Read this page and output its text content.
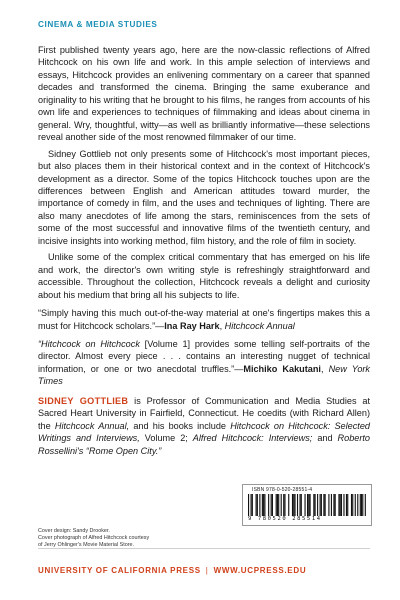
CINEMA & MEDIA STUDIES

First published twenty years ago, here are the now-classic reflections of Alfred Hitchcock on his own life and work. In this ample selection of interviews and essays, Hitchcock provides an enlivening commentary on a career that spanned decades and transformed the cinema. Bringing the same exuberance and originality to his writing that he brought to his films, he ranges from accounts of his own life and experiences to techniques of filmmaking and ideas about cinema in general. Wry, thoughtful, witty—as well as brilliantly informative—these selections reveal another side of the most renowned filmmaker of our time.

Sidney Gottlieb not only presents some of Hitchcock's most important pieces, but also places them in their historical context and in the context of Hitchcock's development as a director. Some of the topics Hitchcock touches upon are the differences between English and American attitudes toward murder, the importance of comedy in film, and the uses and techniques of lighting. There are also many anecdotes of life among the stars, reminiscences from the sets of some of the most successful and innovative films of the twentieth century, and incisive insights into working method, film history, and the role of film in society.

Unlike some of the complex critical commentary that has emerged on his life and work, the director's own writing style is refreshingly straightforward and accessible. Throughout the collection, Hitchcock reveals a delight and curiosity about his medium that bring all his subjects to life.

“Simply having this much out-of-the-way material at one's fingertips makes this a must for Hitchcock scholars.”—Ina Ray Hark, Hitchcock Annual

“Hitchcock on Hitchcock [Volume 1] provides some telling self-portraits of the director. Almost every piece . . . contains an interesting nugget of technical information, or one or two anecdotal truffles.”—Michiko Kakutani, New York Times

SIDNEY GOTTLIEB is Professor of Communication and Media Studies at Sacred Heart University in Fairfield, Connecticut. He coedits (with Richard Allen) the Hitchcock Annual, and his books include Hitchcock on Hitchcock: Selected Writings and Interviews, Volume 2; Alfred Hitchcock: Interviews; and Roberto Rossellini's “Rome Open City.”

Cover design: Sandy Drooker.
Cover photograph of Alfred Hitchcock courtesy
of Jerry Ohlinger's Movie Material Store.
ISBN 978-0-520-28551-4
9 780520 285514
UNIVERSITY OF CALIFORNIA PRESS | WWW.UCPRESS.EDU
